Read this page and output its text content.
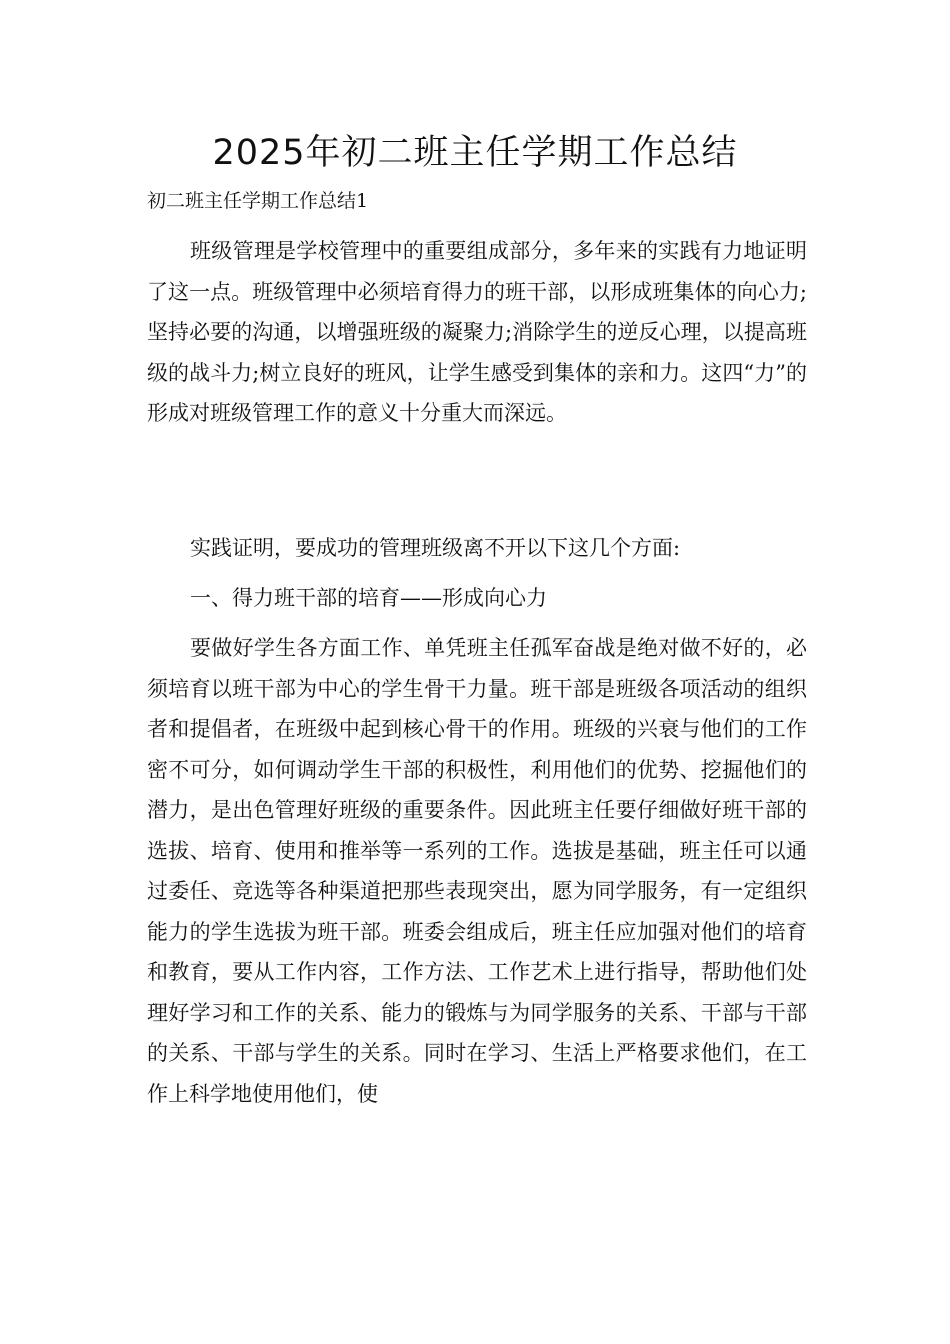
2025年初二班主任学期工作总结

初二班主任学期工作总结1

班级管理是学校管理中的重要组成部分，多年来的实践有力地证明了这一点。班级管理中必须培育得力的班干部，以形成班集体的向心力;坚持必要的沟通，以增强班级的凝聚力;消除学生的逆反心理，以提高班级的战斗力;树立良好的班风，让学生感受到集体的亲和力。这四“力”的形成对班级管理工作的意义十分重大而深远。

实践证明，要成功的管理班级离不开以下这几个方面:

一、得力班干部的培育——形成向心力

要做好学生各方面工作、单凭班主任孤军奋战是绝对做不好的，必须培育以班干部为中心的学生骨干力量。班干部是班级各项活动的组织者和提倡者，在班级中起到核心骨干的作用。班级的兴衰与他们的工作密不可分，如何调动学生干部的积极性，利用他们的优势、挖掘他们的潜力，是出色管理好班级的重要条件。因此班主任要仔细做好班干部的选拔、培育、使用和推举等一系列的工作。选拔是基础，班主任可以通过委任、竞选等各种渠道把那些表现突出，愿为同学服务，有一定组织能力的学生选拔为班干部。班委会组成后，班主任应加强对他们的培育和教育，要从工作内容，工作方法、工作艺术上进行指导，帮助他们处理好学习和工作的关系、能力的锻炼与为同学服务的关系、干部与干部的关系、干部与学生的关系。同时在学习、生活上严格要求他们，在工作上科学地使用他们，使
